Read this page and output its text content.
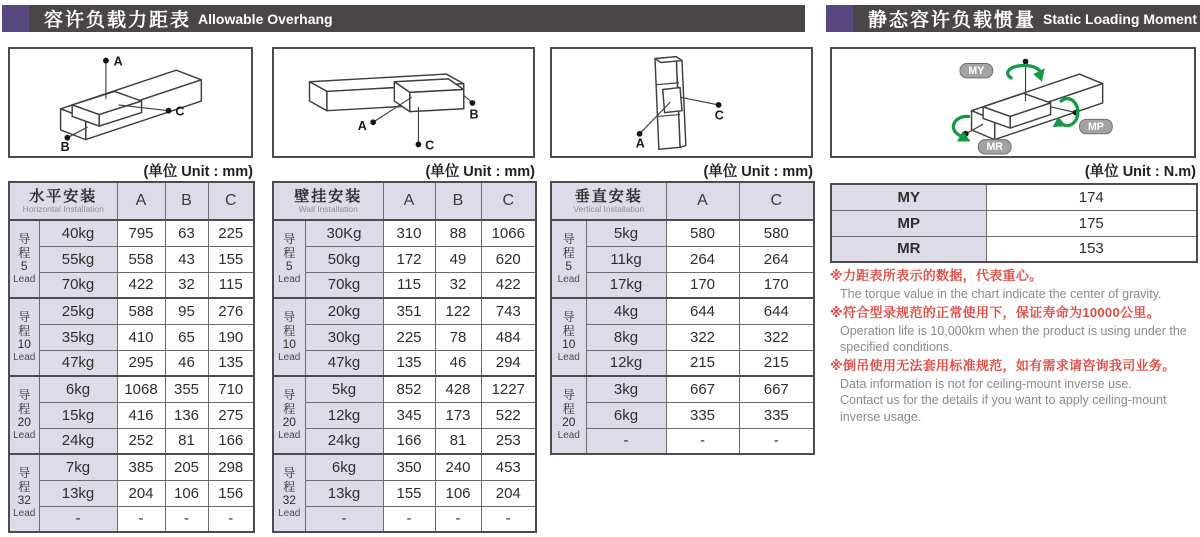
容许负载力距表 Allowable Overhang	静态容许负载惯量 Static Loading Moment
A
B
C	B
A
C	A
C
MY
MP
MR
(单位 Unit : mm)	(单位 Unit : mm)	(单位 Unit : mm)	(单位 Unit : N.m)
水平安装
Horizontal Installation		A	B	C

导
程
5
Lead	40kg	795	63	225
	55kg	558	43	155
	70kg	422	32	115

导
程
10
Lead	25kg	588	95	276
	35kg	410	65	190
	47kg	295	46	135

导
程
20
Lead	6kg	1068	355	710
	15kg	416	136	275
	24kg	252	81	166

导
程
32
Lead	7kg	385	205	298
	13kg	204	106	156
	-	-	-	-
壁挂安装
Wall Installation		A	B	C

导
程
5
Lead	30Kg	310	88	1066
	50kg	172	49	620
	70kg	115	32	422

导
程
10
Lead	20kg	351	122	743
	30kg	225	78	484
	47kg	135	46	294

导
程
20
Lead	5kg	852	428	1227
	12kg	345	173	522
	24kg	166	81	253

导
程
32
Lead	6kg	350	240	453
	13kg	155	106	204
	-	-	-	-
垂直安装
Vertical Installation		A	C

导
程
5
Lead	5kg	580	580
	11kg	264	264
	17kg	170	170

导
程
10
Lead	4kg	644	644
	8kg	322	322
	12kg	215	215

导
程
20
Lead	3kg	667	667
	6kg	335	335
	-	-	-
MY	174
MP	175
MR	153
※力距表所表示的数据，代表重心。
The torque value in the chart indicate the center of gravity.
※符合型录规范的正常使用下，保证寿命为10000公里。
Operation life is 10,000km when the product is using under the specified conditions.
※倒吊使用无法套用标准规范，如有需求请咨询我司业务。
Data information is not for ceiling-mount inverse use.
Contact us for the details if you want to apply ceiling-mount inverse usage.
